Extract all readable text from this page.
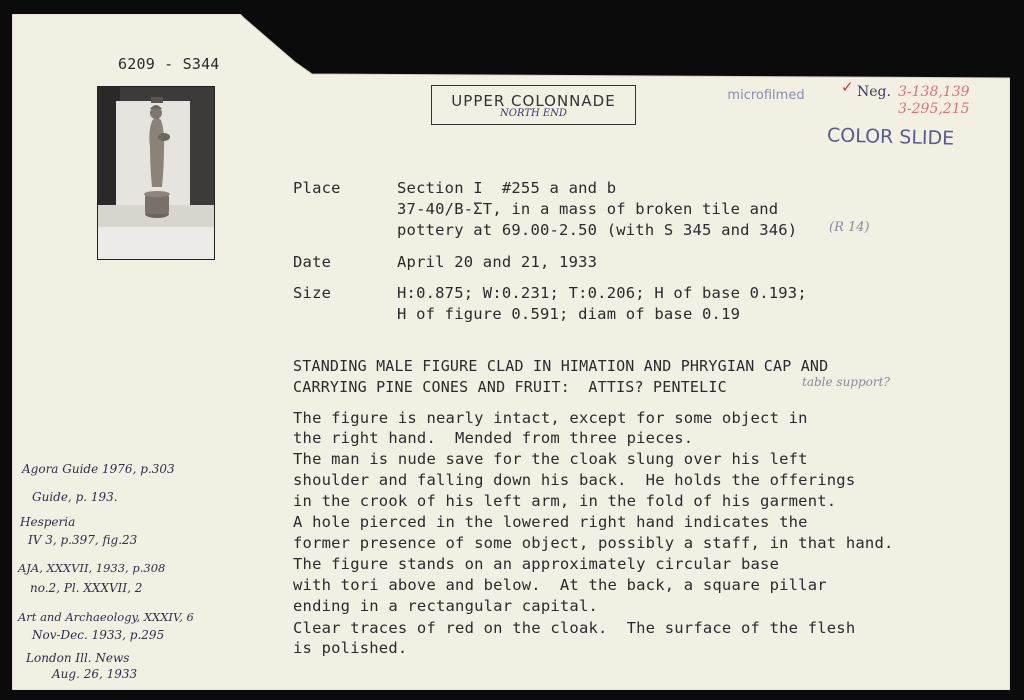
6209 - S344
UPPER COLONNADE
NORTH END
microfilmed	✓ Neg. 3-138,139
3-295,215
COLOR SLIDE
Place	Section I  #255 a and b
37-40/B-ΣT, in a mass of broken tile and
pottery at 69.00-2.50 (with S 345 and 346) (R 14)
Date	April 20 and 21, 1933
Size	H:0.875; W:0.231; T:0.206; H of base 0.193;
H of figure 0.591; diam of base 0.19
STANDING MALE FIGURE CLAD IN HIMATION AND PHRYGIAN CAP AND
CARRYING PINE CONES AND FRUIT:  ATTIS? PENTELIC	table support?
The figure is nearly intact, except for some object in
the right hand.  Mended from three pieces.
The man is nude save for the cloak slung over his left
shoulder and falling down his back.  He holds the offerings
in the crook of his left arm, in the fold of his garment.
A hole pierced in the lowered right hand indicates the
former presence of some object, possibly a staff, in that hand.
The figure stands on an approximately circular base
with tori above and below.  At the back, a square pillar
ending in a rectangular capital.
Clear traces of red on the cloak.  The surface of the flesh
is polished.
Agora Guide 1976, p.303
Guide, p. 193.
Hesperia
IV 3, p.397, fig.23
AJA, XXXVII, 1933, p.308
no.2, Pl. XXXVII, 2
Art and Archaeology, XXXIV, 6
Nov-Dec. 1933, p.295
London Ill. News
Aug. 26, 1933
